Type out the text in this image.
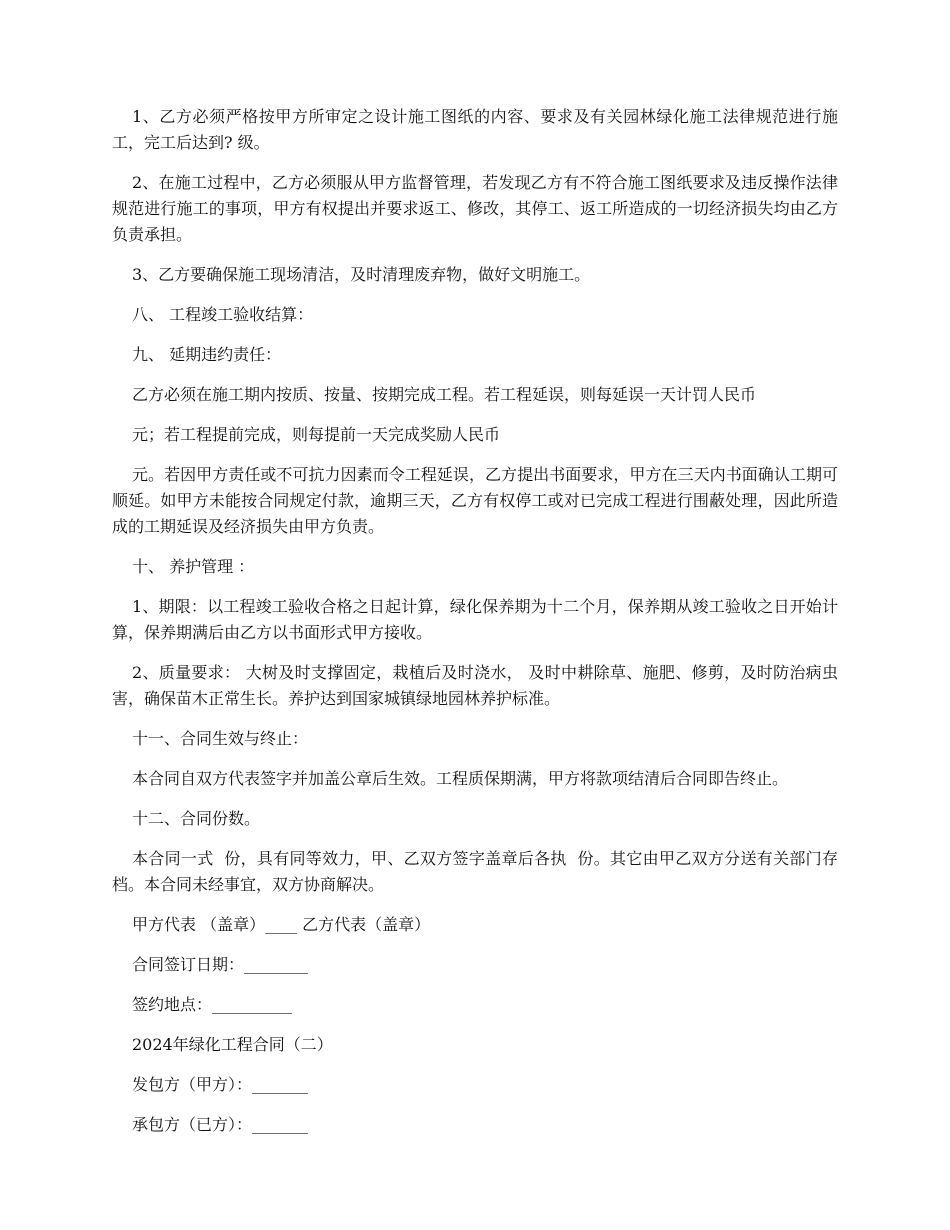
1、乙方必须严格按甲方所审定之设计施工图纸的内容、要求及有关园林绿化施工法律规范进行施工，完工后达到? 级。

2、在施工过程中，乙方必须服从甲方监督管理，若发现乙方有不符合施工图纸要求及违反操作法律规范进行施工的事项，甲方有权提出并要求返工、修改，其停工、返工所造成的一切经济损失均由乙方负责承担。

3、乙方要确保施工现场清洁，及时清理废弃物，做好文明施工。

八、 工程竣工验收结算：

九、 延期违约责任：

乙方必须在施工期内按质、按量、按期完成工程。若工程延误，则每延误一天计罚人民币

元；若工程提前完成，则每提前一天完成奖励人民币

元。若因甲方责任或不可抗力因素而令工程延误，乙方提出书面要求，甲方在三天内书面确认工期可顺延。如甲方未能按合同规定付款，逾期三天，乙方有权停工或对已完成工程进行围蔽处理，因此所造成的工期延误及经济损失由甲方负责。

十、 养护管理 ：

1、期限：以工程竣工验收合格之日起计算，绿化保养期为十二个月，保养期从竣工验收之日开始计算，保养期满后由乙方以书面形式甲方接收。

2、质量要求： 大树及时支撑固定，栽植后及时浇水， 及时中耕除草、施肥、修剪，及时防治病虫害，确保苗木正常生长。养护达到国家城镇绿地园林养护标准。

十一、合同生效与终止：

本合同自双方代表签字并加盖公章后生效。工程质保期满，甲方将款项结清后合同即告终止。

十二、合同份数。

本合同一式  份，具有同等效力，甲、乙双方签字盖章后各执  份。其它由甲乙双方分送有关部门存档。本合同未经事宜，双方协商解决。

甲方代表 （盖章）____ 乙方代表（盖章）

合同签订日期：________

签约地点：__________

2024年绿化工程合同（二）

发包方（甲方）：_______

承包方（已方）：_______
